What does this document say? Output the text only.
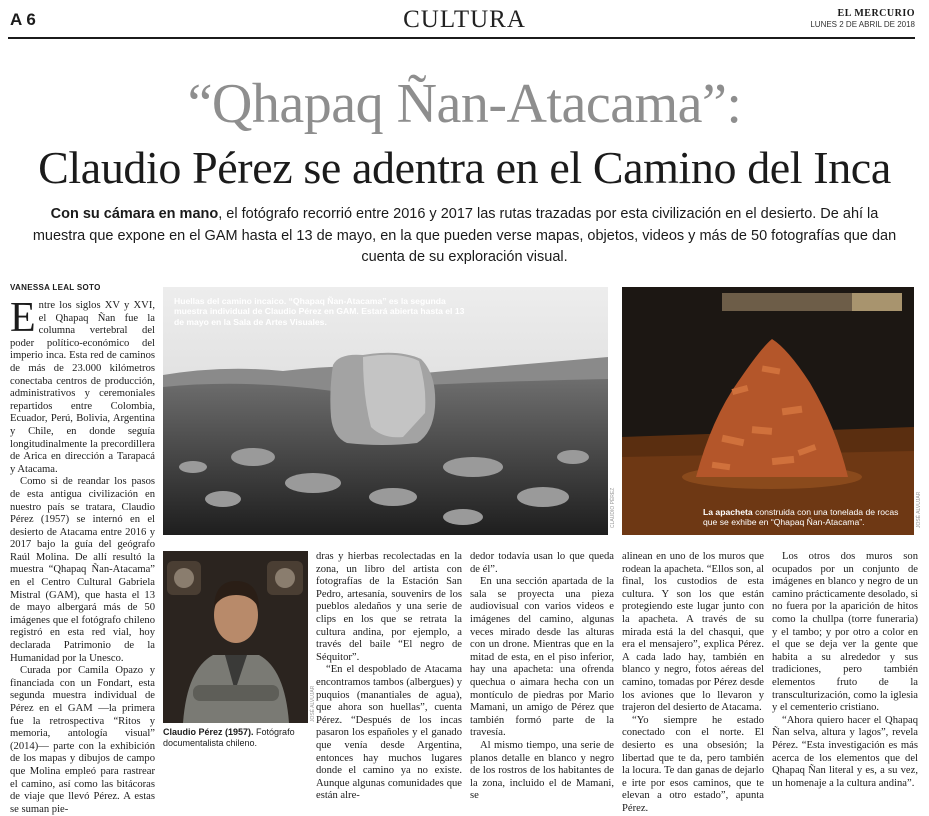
A 6	CULTURA	EL MERCURIO
LUNES 2 DE ABRIL DE 2018
“Qhapaq Ñan-Atacama”:
Claudio Pérez se adentra en el Camino del Inca
Con su cámara en mano, el fotógrafo recorrió entre 2016 y 2017 las rutas trazadas por esta civilización en el desierto. De ahí la muestra que expone en el GAM hasta el 13 de mayo, en la que pueden verse mapas, objetos, videos y más de 50 fotografías que dan cuenta de su exploración visual.
VANESSA LEAL SOTO

Entre los siglos XV y XVI, el Qhapaq Ñan fue la columna vertebral del poder político-económico del imperio inca. Esta red de caminos de más de 23.000 kilómetros conectaba centros de producción, administrativos y ceremoniales repartidos entre Colombia, Ecuador, Perú, Bolivia, Argentina y Chile, en donde seguía longitudinalmente la precordillera de Arica en dirección a Tarapacá y Atacama.

Como si de reandar los pasos de esta antigua civilización en nuestro país se tratara, Claudio Pérez (1957) se internó en el desierto de Atacama entre 2016 y 2017 bajo la guía del geógrafo Raúl Molina. De allí resultó la muestra “Qhapaq Ñan-Atacama” en el Centro Cultural Gabriela Mistral (GAM), que hasta el 13 de mayo albergará más de 50 imágenes que el fotógrafo chileno registró en esta red vial, hoy declarada Patrimonio de la Humanidad por la Unesco.

Curada por Camila Opazo y financiada con un Fondart, esta segunda muestra individual de Pérez en el GAM —la primera fue la retrospectiva “Ritos y memoria, antología visual” (2014)— parte con la exhibición de los mapas y dibujos de campo que Molina empleó para rastrear el camino, así como las bitácoras de viaje que llevó Pérez. A estas se suman pie-

Huellas del camino incaico. “Qhapaq Ñan-Atacama” es la segunda muestra individual de Claudio Pérez en GAM. Estará abierta hasta el 13 de mayo en la Sala de Artes Visuales.
CLAUDIO PÉREZ	La apacheta construida con una tonelada de rocas que se exhibe en “Qhapaq Ñan-Atacama”.	JOSÉ ALVUJAR
Claudio Pérez (1957). Fotógrafo documentalista chileno.
JOSÉ ALVUJAR

dras y hierbas recolectadas en la zona, un libro del artista con fotografías de la Estación San Pedro, artesanía, souvenirs de los pueblos aledaños y una serie de clips en los que se retrata la cultura andina, por ejemplo, a través del baile “El negro de Séquitor”.

“En el despoblado de Atacama encontramos tambos (albergues) y puquios (manantiales de agua), que ahora son huellas”, cuenta Pérez. “Después de los incas pasaron los españoles y el ganado que venía desde Argentina, entonces hay muchos lugares donde el camino ya no existe. Aunque algunas comunidades que están alre-

dedor todavía usan lo que queda de él”.

En una sección apartada de la sala se proyecta una pieza audiovisual con varios videos e imágenes del camino, algunas veces mirado desde las alturas con un drone. Mientras que en la mitad de esta, en el piso inferior, hay una apacheta: una ofrenda quechua o aimara hecha con un montículo de piedras por Mario Mamani, un amigo de Pérez que también formó parte de la travesía.

Al mismo tiempo, una serie de planos detalle en blanco y negro de los rostros de los habitantes de la zona, incluido el de Mamani, se

alinean en uno de los muros que rodean la apacheta. “Ellos son, al final, los custodios de esta cultura. Y son los que están protegiendo este lugar junto con la apacheta. A través de su mirada está la del chasqui, que era el mensajero”, explica Pérez. A cada lado hay, también en blanco y negro, fotos aéreas del camino, tomadas por Pérez desde los aviones que lo llevaron y trajeron del desierto de Atacama.

“Yo siempre he estado conectado con el norte. El desierto es una obsesión; la libertad que te da, pero también la locura. Te dan ganas de dejarlo e irte por esos caminos, que te elevan a otro estado”, apunta Pérez.

Los otros dos muros son ocupados por un conjunto de imágenes en blanco y negro de un camino prácticamente desolado, si no fuera por la aparición de hitos como la chullpa (torre funeraria) y el tambo; y por otro a color en el que se deja ver la gente que habita a su alrededor y sus tradiciones, pero también elementos fruto de la transculturización, como la iglesia y el cementerio cristiano.

“Ahora quiero hacer el Qhapaq Ñan selva, altura y lagos”, revela Pérez. “Esta investigación es más acerca de los elementos que del Qhapaq Ñan literal y es, a su vez, un homenaje a la cultura andina”.
